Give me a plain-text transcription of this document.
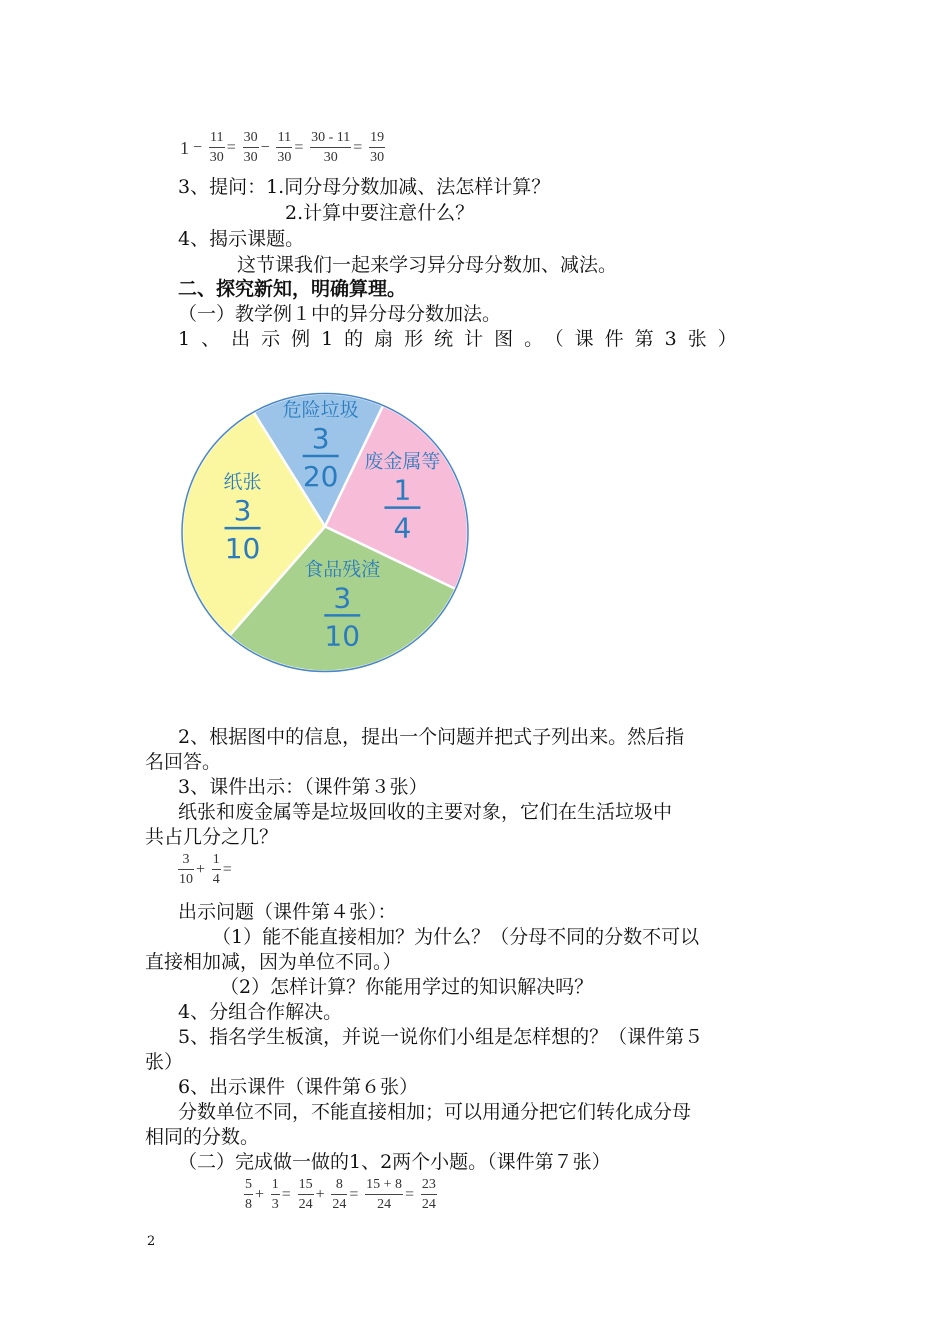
$1 - \frac{11}{30} = \frac{30}{30} - \frac{11}{30} = \frac{30 - 11}{30} = \frac{19}{30}$
3、提问：1.同分母分数加减、法怎样计算？
2.计算中要注意什么？
4、揭示课题。
这节课我们一起来学习异分母分数加、减法。
二、探究新知，明确算理。
（一）教学例１中的异分母分数加法。
1、出示例1的扇形统计图。（课件第3张）
危险垃圾
3
20 废金属等
1
4
食品残渣
3
10
纸张
3
10
2、根据图中的信息，提出一个问题并把式子列出来。然后指
名回答。
3、课件出示：（课件第３张）
纸张和废金属等是垃圾回收的主要对象，它们在生活垃圾中
共占几分之几？
$\frac{3}{10} + \frac{1}{4}$ =
出示问题（课件第４张）：
（1）能不能直接相加？为什么？（分母不同的分数不可以
直接相加减，因为单位不同。）
（2）怎样计算？你能用学过的知识解决吗？
4、分组合作解决。
5、指名学生板演，并说一说你们小组是怎样想的？（课件第５
张）
6、出示课件（课件第６张）
分数单位不同，不能直接相加；可以用通分把它们转化成分母
相同的分数。
（二）完成做一做的1、2两个小题。（课件第７张）
$\frac{5}{8} + \frac{1}{3} = \frac{15}{24} + \frac{8}{24} = \frac{15 + 8}{24} = \frac{23}{24}$
2
